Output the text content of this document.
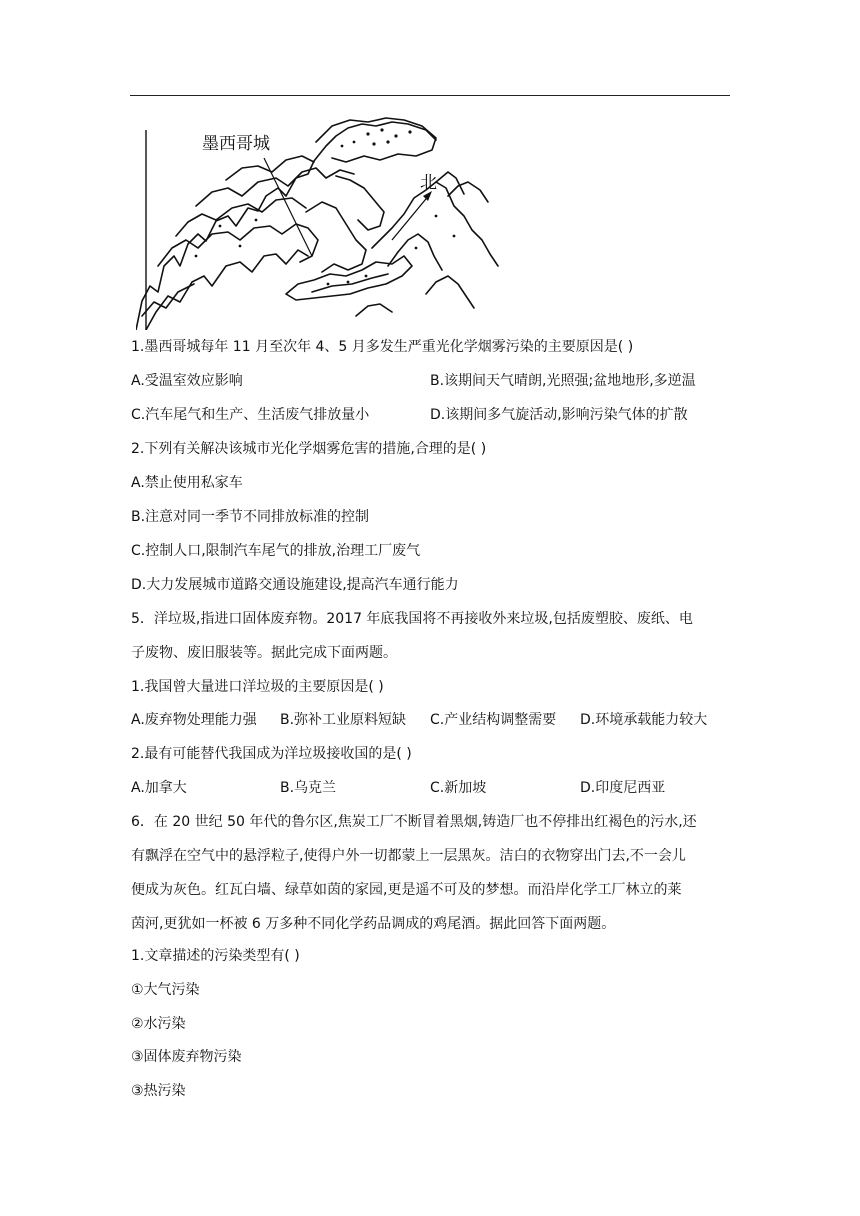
墨西哥城
北
1.墨西哥城每年 11 月至次年 4、5 月多发生严重光化学烟雾污染的主要原因是( )
A.受温室效应影响	B.该期间天气晴朗,光照强;盆地地形,多逆温
C.汽车尾气和生产、生活废气排放量小	D.该期间多气旋活动,影响污染气体的扩散
2.下列有关解决该城市光化学烟雾危害的措施,合理的是( )
A.禁止使用私家车
B.注意对同一季节不同排放标准的控制
C.控制人口,限制汽车尾气的排放,治理工厂废气
D.大力发展城市道路交通设施建设,提高汽车通行能力
5．洋垃圾,指进口固体废弃物。2017 年底我国将不再接收外来垃圾,包括废塑胶、废纸、电
子废物、废旧服装等。据此完成下面两题。
1.我国曾大量进口洋垃圾的主要原因是( )
A.废弃物处理能力强 B.弥补工业原料短缺 C.产业结构调整需要 D.环境承载能力较大
2.最有可能替代我国成为洋垃圾接收国的是( )
A.加拿大	B.乌克兰	C.新加坡	D.印度尼西亚
6．在 20 世纪 50 年代的鲁尔区,焦炭工厂不断冒着黑烟,铸造厂也不停排出红褐色的污水,还
有飘浮在空气中的悬浮粒子,使得户外一切都蒙上一层黑灰。洁白的衣物穿出门去,不一会儿
便成为灰色。红瓦白墙、绿草如茵的家园,更是遥不可及的梦想。而沿岸化学工厂林立的莱
茵河,更犹如一杯被 6 万多种不同化学药品调成的鸡尾酒。据此回答下面两题。
1.文章描述的污染类型有( )
①大气污染
②水污染
③固体废弃物污染
③热污染
